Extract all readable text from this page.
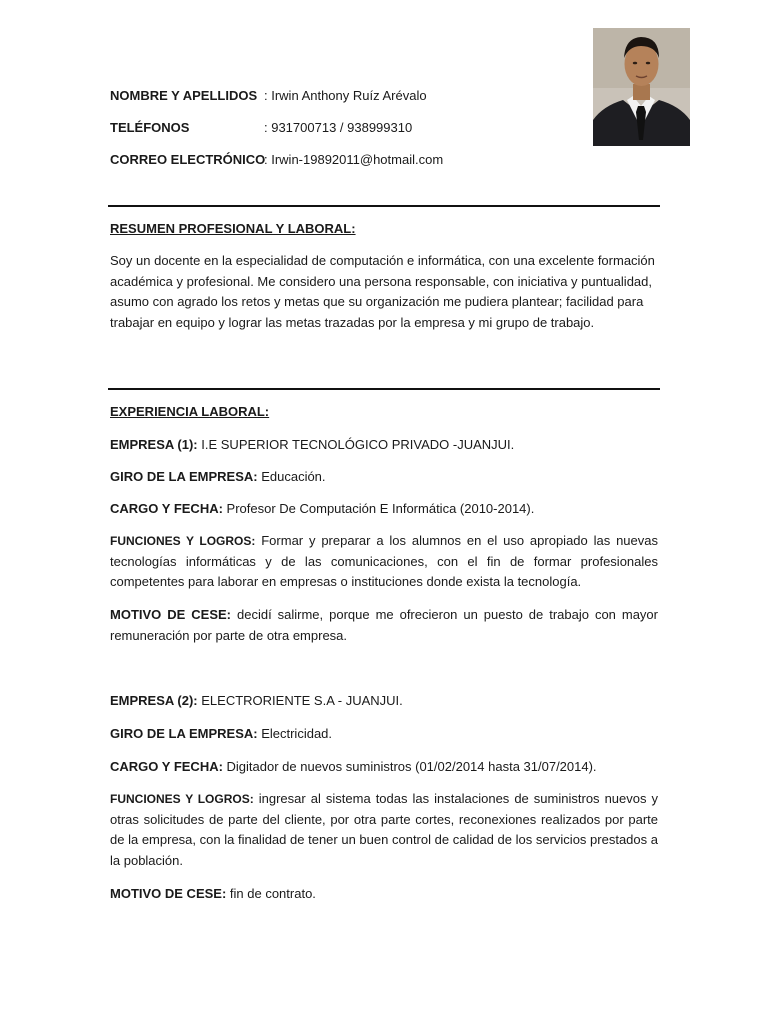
NOMBRE Y APELLIDOS : Irwin Anthony Ruíz Arévalo
TELÉFONOS	: 931700713 / 938999310
CORREO ELECTRÓNICO: Irwin-19892011@hotmail.com
RESUMEN PROFESIONAL Y LABORAL:
Soy un docente en la especialidad de computación e informática, con una excelente formación académica y profesional. Me considero una persona responsable, con iniciativa y puntualidad, asumo con agrado los retos y metas que su organización me pudiera plantear; facilidad para trabajar en equipo y lograr las metas trazadas por la empresa y mi grupo de trabajo.
EXPERIENCIA LABORAL:
EMPRESA (1): I.E SUPERIOR TECNOLÓGICO PRIVADO -JUANJUI.
GIRO DE LA EMPRESA: Educación.
CARGO Y FECHA: Profesor De Computación E Informática (2010-2014).
FUNCIONES Y LOGROS: Formar y preparar a los alumnos en el uso apropiado las nuevas tecnologías informáticas y de las comunicaciones, con el fin de formar profesionales competentes para laborar en empresas o instituciones donde exista la tecnología.
MOTIVO DE CESE: decidí salirme, porque me ofrecieron un puesto de trabajo con mayor remuneración por parte de otra empresa.
EMPRESA (2): ELECTRORIENTE S.A - JUANJUI.
GIRO DE LA EMPRESA: Electricidad.
CARGO Y FECHA: Digitador de nuevos suministros (01/02/2014 hasta 31/07/2014).
FUNCIONES Y LOGROS: ingresar al sistema todas las instalaciones de suministros nuevos y otras solicitudes de parte del cliente, por otra parte cortes, reconexiones realizados por parte de la empresa, con la finalidad de tener un buen control de calidad de los servicios prestados a la población.
MOTIVO DE CESE: fin de contrato.
